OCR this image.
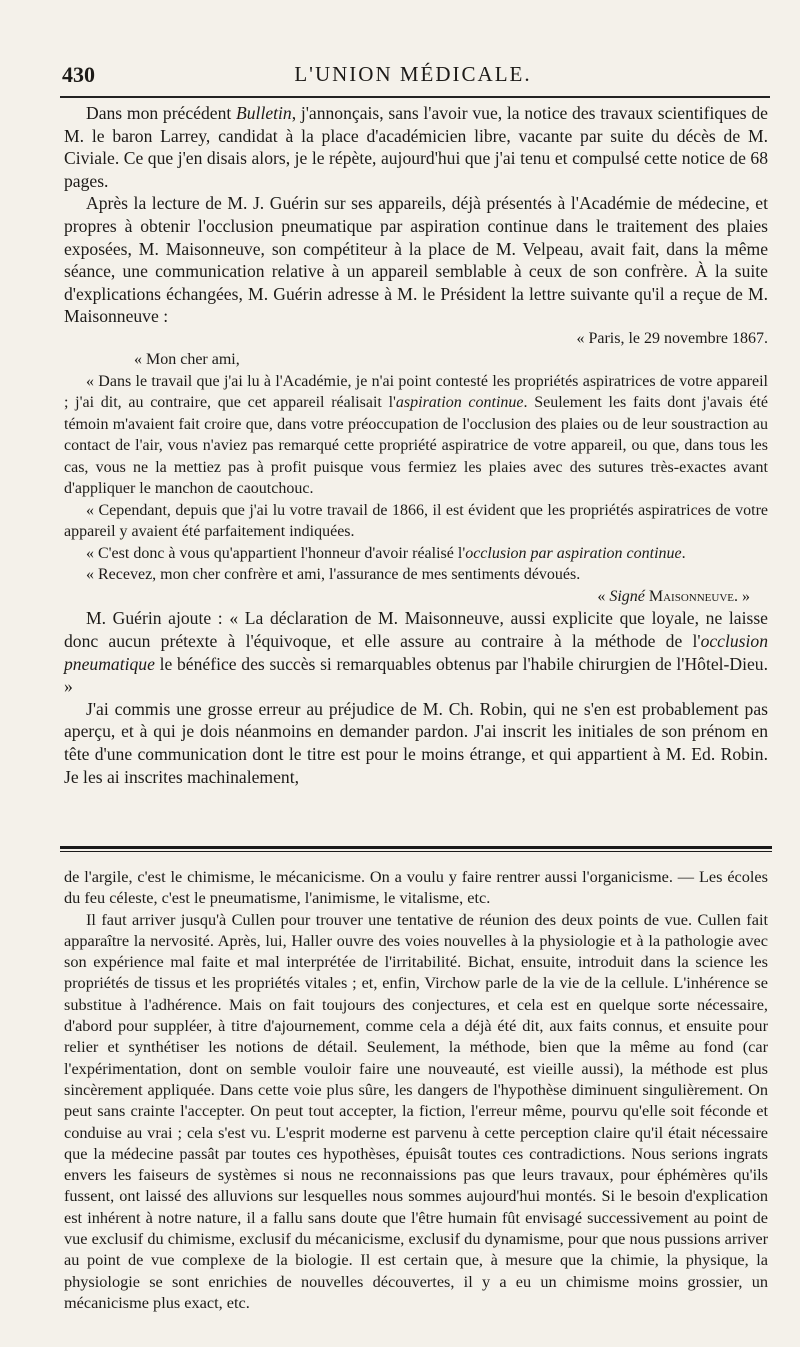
430	L'UNION MÉDICALE.

Dans mon précédent Bulletin, j'annonçais, sans l'avoir vue, la notice des travaux scientifiques de M. le baron Larrey, candidat à la place d'académicien libre, vacante par suite du décès de M. Civiale. Ce que j'en disais alors, je le répète, aujourd'hui que j'ai tenu et compulsé cette notice de 68 pages.

Après la lecture de M. J. Guérin sur ses appareils, déjà présentés à l'Académie de médecine, et propres à obtenir l'occlusion pneumatique par aspiration continue dans le traitement des plaies exposées, M. Maisonneuve, son compétiteur à la place de M. Velpeau, avait fait, dans la même séance, une communication relative à un appareil semblable à ceux de son confrère. À la suite d'explications échangées, M. Guérin adresse à M. le Président la lettre suivante qu'il a reçue de M. Maisonneuve :

« Paris, le 29 novembre 1867.

« Mon cher ami,

« Dans le travail que j'ai lu à l'Académie, je n'ai point contesté les propriétés aspiratrices de votre appareil ; j'ai dit, au contraire, que cet appareil réalisait l'aspiration continue. Seulement les faits dont j'avais été témoin m'avaient fait croire que, dans votre préoccupation de l'occlusion des plaies ou de leur soustraction au contact de l'air, vous n'aviez pas remarqué cette propriété aspiratrice de votre appareil, ou que, dans tous les cas, vous ne la mettiez pas à profit puisque vous fermiez les plaies avec des sutures très-exactes avant d'appliquer le manchon de caoutchouc.

« Cependant, depuis que j'ai lu votre travail de 1866, il est évident que les propriétés aspiratrices de votre appareil y avaient été parfaitement indiquées.

« C'est donc à vous qu'appartient l'honneur d'avoir réalisé l'occlusion par aspiration continue.

« Recevez, mon cher confrère et ami, l'assurance de mes sentiments dévoués.

« Signé Maisonneuve. »

M. Guérin ajoute : « La déclaration de M. Maisonneuve, aussi explicite que loyale, ne laisse donc aucun prétexte à l'équivoque, et elle assure au contraire à la méthode de l'occlusion pneumatique le bénéfice des succès si remarquables obtenus par l'habile chirurgien de l'Hôtel-Dieu. »

J'ai commis une grosse erreur au préjudice de M. Ch. Robin, qui ne s'en est probablement pas aperçu, et à qui je dois néanmoins en demander pardon. J'ai inscrit les initiales de son prénom en tête d'une communication dont le titre est pour le moins étrange, et qui appartient à M. Ed. Robin. Je les ai inscrites machinalement,

de l'argile, c'est le chimisme, le mécanicisme. On a voulu y faire rentrer aussi l'organicisme. — Les écoles du feu céleste, c'est le pneumatisme, l'animisme, le vitalisme, etc.

Il faut arriver jusqu'à Cullen pour trouver une tentative de réunion des deux points de vue. Cullen fait apparaître la nervosité. Après, lui, Haller ouvre des voies nouvelles à la physiologie et à la pathologie avec son expérience mal faite et mal interprétée de l'irritabilité. Bichat, ensuite, introduit dans la science les propriétés de tissus et les propriétés vitales ; et, enfin, Virchow parle de la vie de la cellule. L'inhérence se substitue à l'adhérence. Mais on fait toujours des conjectures, et cela est en quelque sorte nécessaire, d'abord pour suppléer, à titre d'ajournement, comme cela a déjà été dit, aux faits connus, et ensuite pour relier et synthétiser les notions de détail. Seulement, la méthode, bien que la même au fond (car l'expérimentation, dont on semble vouloir faire une nouveauté, est vieille aussi), la méthode est plus sincèrement appliquée. Dans cette voie plus sûre, les dangers de l'hypothèse diminuent singulièrement. On peut sans crainte l'accepter. On peut tout accepter, la fiction, l'erreur même, pourvu qu'elle soit féconde et conduise au vrai ; cela s'est vu. L'esprit moderne est parvenu à cette perception claire qu'il était nécessaire que la médecine passât par toutes ces hypothèses, épuisât toutes ces contradictions. Nous serions ingrats envers les faiseurs de systèmes si nous ne reconnaissions pas que leurs travaux, pour éphémères qu'ils fussent, ont laissé des alluvions sur lesquelles nous sommes aujourd'hui montés. Si le besoin d'explication est inhérent à notre nature, il a fallu sans doute que l'être humain fût envisagé successivement au point de vue exclusif du chimisme, exclusif du mécanicisme, exclusif du dynamisme, pour que nous pussions arriver au point de vue complexe de la biologie. Il est certain que, à mesure que la chimie, la physique, la physiologie se sont enrichies de nouvelles découvertes, il y a eu un chimisme moins grossier, un mécanicisme plus exact, etc.
